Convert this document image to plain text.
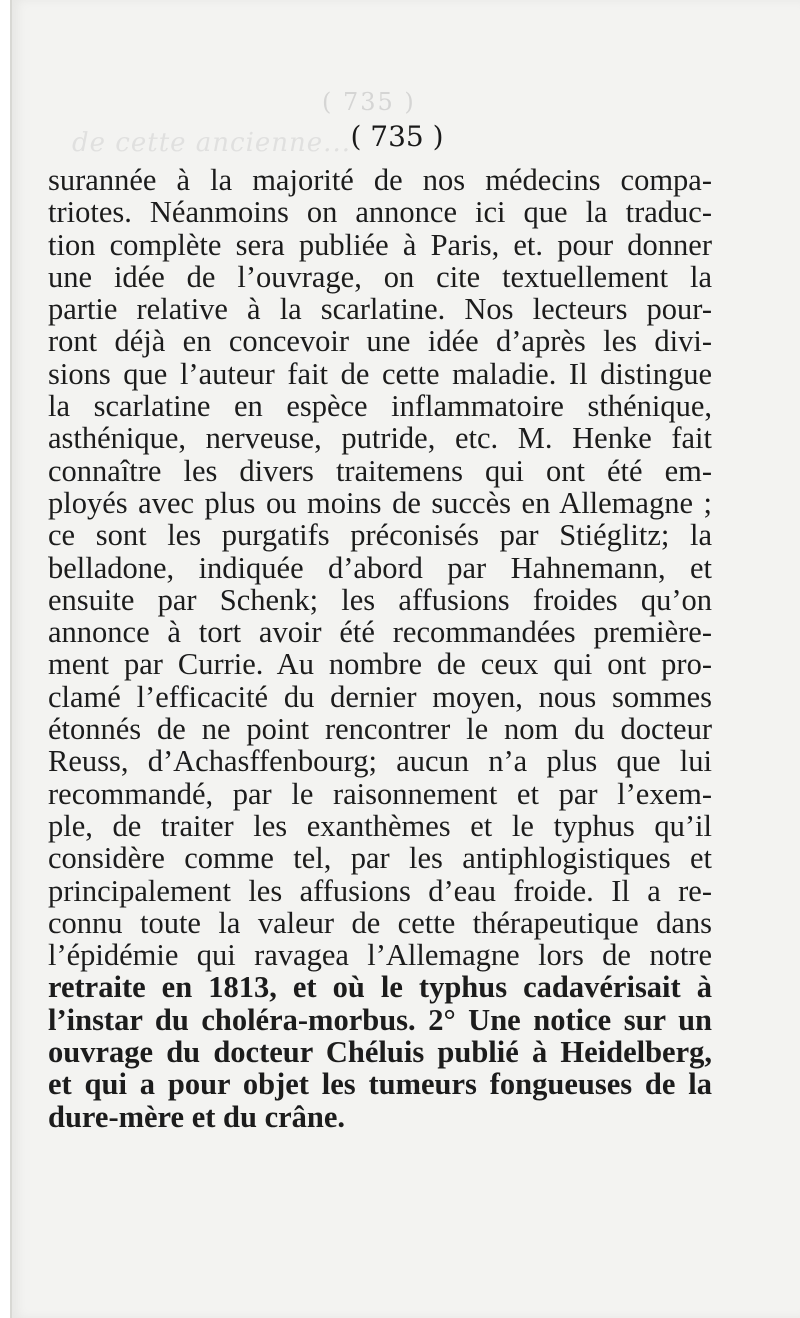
( 735 )
de cette ancienne... ( 735 )
surannée à la majorité de nos médecins compa-
triotes. Néanmoins on annonce ici que la traduc-
tion complète sera publiée à Paris, et. pour donner
une idée de l’ouvrage, on cite textuellement la
partie relative à la scarlatine. Nos lecteurs pour-
ront déjà en concevoir une idée d’après les divi-
sions que l’auteur fait de cette maladie. Il distingue
la scarlatine en espèce inflammatoire sthénique,
asthénique, nerveuse, putride, etc. M. Henke fait
connaître les divers traitemens qui ont été em-
ployés avec plus ou moins de succès en Allemagne ;
ce sont les purgatifs préconisés par Stiéglitz; la
belladone, indiquée d’abord par Hahnemann, et
ensuite par Schenk; les affusions froides qu’on
annonce à tort avoir été recommandées première-
ment par Currie. Au nombre de ceux qui ont pro-
clamé l’efficacité du dernier moyen, nous sommes
étonnés de ne point rencontrer le nom du docteur
Reuss, d’Achasffenbourg; aucun n’a plus que lui
recommandé, par le raisonnement et par l’exem-
ple, de traiter les exanthèmes et le typhus qu’il
considère comme tel, par les antiphlogistiques et
principalement les affusions d’eau froide. Il a re-
connu toute la valeur de cette thérapeutique dans
l’épidémie qui ravagea l’Allemagne lors de notre
retraite en 1813, et où le typhus cadavérisait à
l’instar du choléra-morbus. 2° Une notice sur un
ouvrage du docteur Chéluis publié à Heidelberg,
et qui a pour objet les tumeurs fongueuses de la
dure-mère et du crâne.
